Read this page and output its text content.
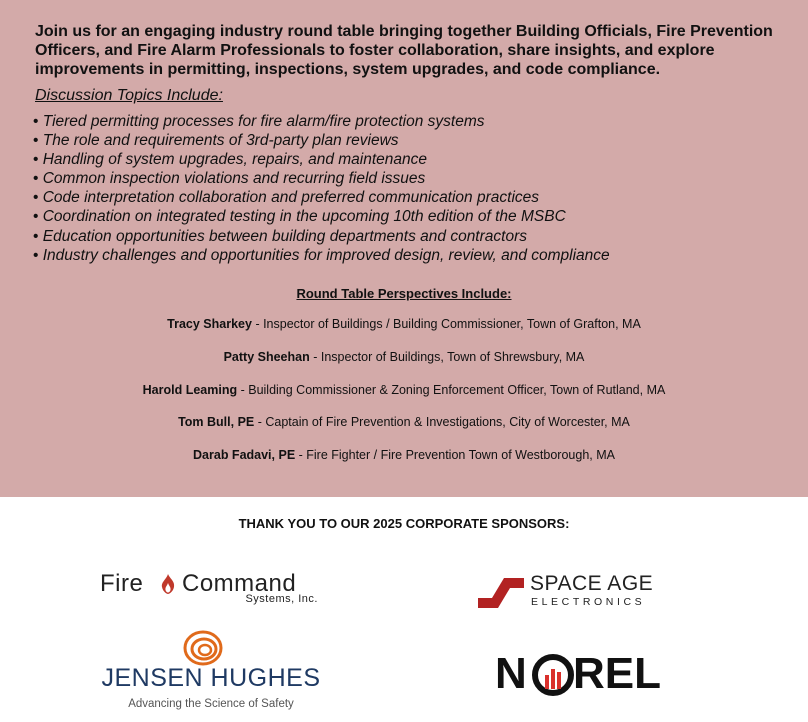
Join us for an engaging industry round table bringing together Building Officials, Fire Prevention Officers, and Fire Alarm Professionals to foster collaboration, share insights, and explore improvements in permitting, inspections, system upgrades, and code compliance.

Discussion Topics Include:

• Tiered permitting processes for fire alarm/fire protection systems
• The role and requirements of 3rd-party plan reviews
• Handling of system upgrades, repairs, and maintenance
• Common inspection violations and recurring field issues
• Code interpretation collaboration and preferred communication practices
• Coordination on integrated testing in the upcoming 10th edition of the MSBC
• Education opportunities between building departments and contractors
• Industry challenges and opportunities for improved design, review, and compliance

Round Table Perspectives Include:

Tracy Sharkey - Inspector of Buildings / Building Commissioner, Town of Grafton, MA

Patty Sheehan - Inspector of Buildings, Town of Shrewsbury, MA

Harold Leaming - Building Commissioner & Zoning Enforcement Officer, Town of Rutland, MA

Tom Bull, PE - Captain of Fire Prevention & Investigations, City of Worcester, MA

Darab Fadavi, PE - Fire Fighter / Fire Prevention Town of Westborough, MA

THANK YOU TO OUR 2025 CORPORATE SPONSORS:

Fire Command
Systems, Inc.
SPACE AGE
ELECTRONICS
JENSEN HUGHES
Advancing the Science of Safety
N REL
